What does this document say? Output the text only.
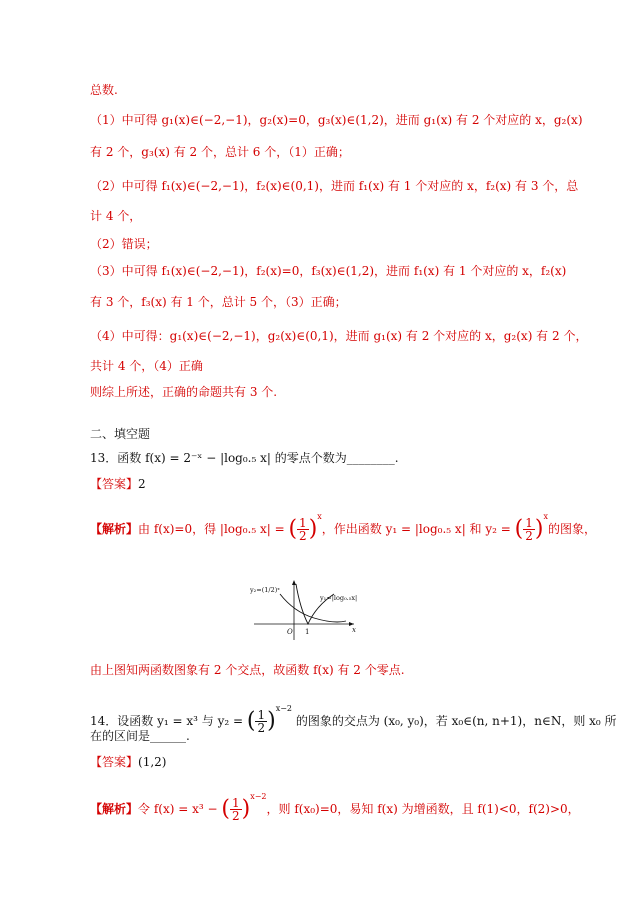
总数.
（1）中可得 g₁(x)∈(−2,−1)，g₂(x)=0，g₃(x)∈(1,2)，进而 g₁(x) 有 2 个对应的 x，g₂(x)
有 2 个，g₃(x) 有 2 个，总计 6 个，（1）正确；
（2）中可得 f₁(x)∈(−2,−1)，f₂(x)∈(0,1)，进而 f₁(x) 有 1 个对应的 x，f₂(x) 有 3 个，总
计 4 个，
（2）错误；
（3）中可得 f₁(x)∈(−2,−1)，f₂(x)=0，f₃(x)∈(1,2)，进而 f₁(x) 有 1 个对应的 x，f₂(x)
有 3 个，f₃(x) 有 1 个，总计 5 个，（3）正确；
（4）中可得：g₁(x)∈(−2,−1)，g₂(x)∈(0,1)，进而 g₁(x) 有 2 个对应的 x，g₂(x) 有 2 个，
共计 4 个，（4）正确
则综上所述，正确的命题共有 3 个.
二、填空题
13．函数 f(x) = 2⁻ˣ − |log₀.₅ x| 的零点个数为________.
【答案】2
【解析】由 f(x)=0，得 |log₀.₅ x| = ( $\frac{1}{2} )^x$，作出函数 y₁ = |log₀.₅ x| 和 y₂ = ( $\frac{1}{2} )^x$的图象，
y₂=(1/2)ˣ
y₁=|log₀.₅x|
O 1	x
由上图知两函数图象有 2 个交点，故函数 f(x) 有 2 个零点.
14．设函数 y₁ = x³ 与 y₂ = ( $\frac{1}{2} )^{x-2}$ 的图象的交点为 (x₀, y₀)，若 x₀∈(n, n+1)，n∈N，则 x₀ 所
在的区间是______.
【答案】(1,2)
【解析】令 f(x) = x³ − ( $\frac{1}{2} )^{x-2}$，则 f(x₀)=0，易知 f(x) 为增函数，且 f(1)<0，f(2)>0，
